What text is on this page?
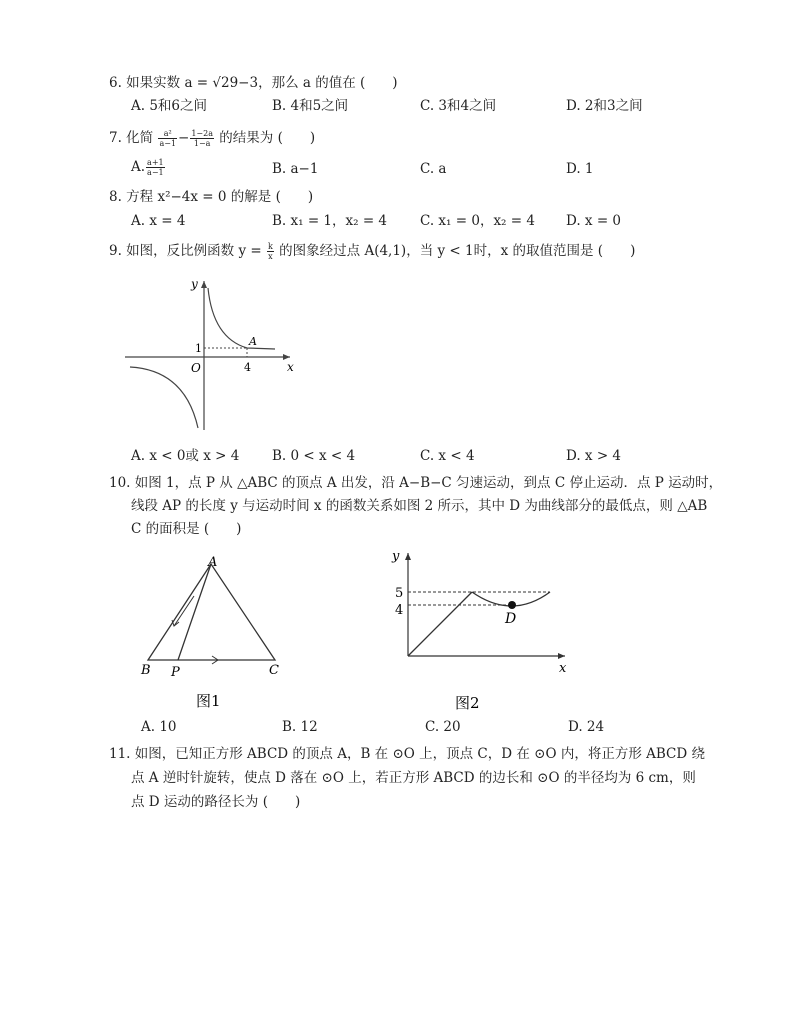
6. 如果实数 a = √29−3，那么 a 的值在 (　　)
A. 5和6之间	B. 4和5之间	C. 3和4之间	D. 2和3之间
7. 化简 $\frac{\text{a²}}{a-1} - \frac{1-2a}{1-a}$ 的结果为 (　　)
A. $\frac{a+1}{a-1}$	B. a−1	C. a	D. 1
8. 方程 x²−4x = 0 的解是 (　　)
A. x = 4	B. x₁ = 1，x₂ = 4 C. x₁ = 0，x₂ = 4 D. x = 0
9. 如图，反比例函数 $y = \frac{k}{x}$ 的图象经过点 A(4,1)，当 y < 1时，x 的取值范围是 (　　)
y
x
O	4
1
A
A. x < 0或 x > 4 B. 0 < x < 4	C. x < 4	D. x > 4
10. 如图 1，点 P 从 △ABC 的顶点 A 出发，沿 A−B−C 匀速运动，到点 C 停止运动．点 P 运动时，
线段 AP 的长度 y 与运动时间 x 的函数关系如图 2 所示，其中 D 为曲线部分的最低点，则 △AB
C 的面积是 (　　)
A
B	C
P
图1
y
x
5
4
D
图2
A. 10	B. 12	C. 20	D. 24
11. 如图，已知正方形 ABCD 的顶点 A，B 在 ⊙O 上，顶点 C，D 在 ⊙O 内，将正方形 ABCD 绕
点 A 逆时针旋转，使点 D 落在 ⊙O 上，若正方形 ABCD 的边长和 ⊙O 的半径均为 6 cm，则
点 D 运动的路径长为 (　　)
